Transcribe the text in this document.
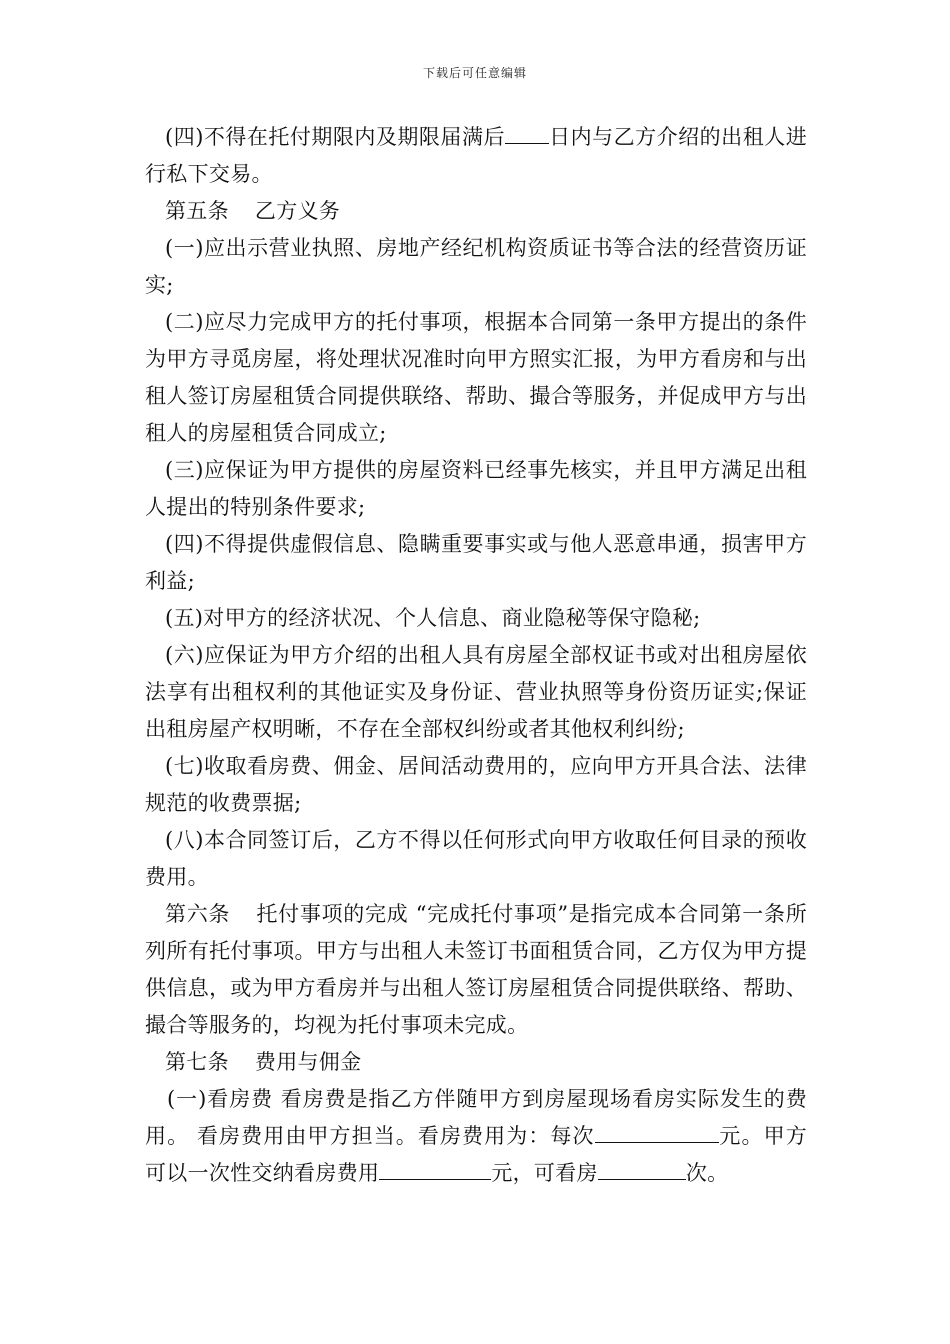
下载后可任意编辑

(四)不得在托付期限内及期限届满后 日内与乙方介绍的出租人进行私下交易。

第五条 乙方义务

(一)应出示营业执照、房地产经纪机构资质证书等合法的经营资历证实;

(二)应尽力完成甲方的托付事项，根据本合同第一条甲方提出的条件为甲方寻觅房屋，将处理状况准时向甲方照实汇报，为甲方看房和与出租人签订房屋租赁合同提供联络、帮助、撮合等服务，并促成甲方与出租人的房屋租赁合同成立;

(三)应保证为甲方提供的房屋资料已经事先核实，并且甲方满足出租人提出的特别条件要求;

(四)不得提供虚假信息、隐瞒重要事实或与他人恶意串通，损害甲方利益;

(五)对甲方的经济状况、个人信息、商业隐秘等保守隐秘;

(六)应保证为甲方介绍的出租人具有房屋全部权证书或对出租房屋依法享有出租权利的其他证实及身份证、营业执照等身份资历证实;保证出租房屋产权明晰，不存在全部权纠纷或者其他权利纠纷;

(七)收取看房费、佣金、居间活动费用的，应向甲方开具合法、法律规范的收费票据;

(八)本合同签订后，乙方不得以任何形式向甲方收取任何目录的预收费用。

第六条 托付事项的完成 “完成托付事项”是指完成本合同第一条所列所有托付事项。甲方与出租人未签订书面租赁合同，乙方仅为甲方提供信息，或为甲方看房并与出租人签订房屋租赁合同提供联络、帮助、撮合等服务的，均视为托付事项未完成。

第七条 费用与佣金

(一)看房费 看房费是指乙方伴随甲方到房屋现场看房实际发生的费用。 看房费用由甲方担当。看房费用为：每次	元。甲方可以一次性交纳看房费用	元，可看房	次。
